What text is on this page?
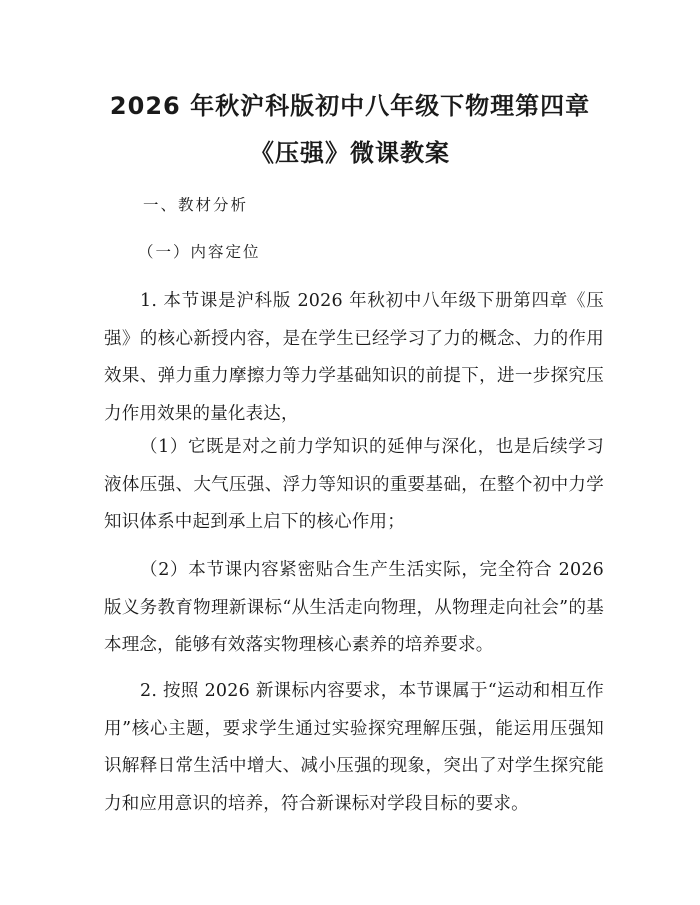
2026 年秋沪科版初中八年级下物理第四章
《压强》微课教案
一、教材分析
（一）内容定位
1. 本节课是沪科版 2026 年秋初中八年级下册第四章《压强》的核心新授内容，是在学生已经学习了力的概念、力的作用效果、弹力重力摩擦力等力学基础知识的前提下，进一步探究压力作用效果的量化表达，
（1）它既是对之前力学知识的延伸与深化，也是后续学习液体压强、大气压强、浮力等知识的重要基础，在整个初中力学知识体系中起到承上启下的核心作用；
（2）本节课内容紧密贴合生产生活实际，完全符合 2026 版义务教育物理新课标“从生活走向物理，从物理走向社会”的基本理念，能够有效落实物理核心素养的培养要求。
2. 按照 2026 新课标内容要求，本节课属于“运动和相互作用”核心主题，要求学生通过实验探究理解压强，能运用压强知识解释日常生活中增大、减小压强的现象，突出了对学生探究能力和应用意识的培养，符合新课标对学段目标的要求。
